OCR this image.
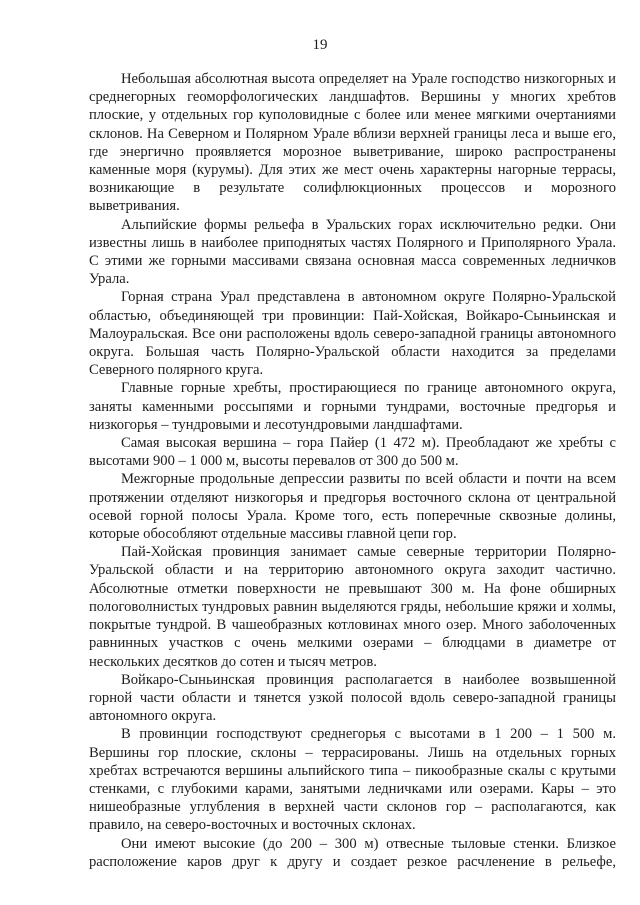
19

Небольшая абсолютная высота определяет на Урале господство низкогорных и среднегорных геоморфологических ландшафтов. Вершины у многих хребтов плоские, у отдельных гор куполовидные с более или менее мягкими очертаниями склонов. На Северном и Полярном Урале вблизи верхней границы леса и выше его, где энергично проявляется морозное выветривание, широко распространены каменные моря (курумы). Для этих же мест очень характерны нагорные террасы, возникающие в результате солифлюкционных процессов и морозного выветривания.

Альпийские формы рельефа в Уральских горах исключительно редки. Они известны лишь в наиболее приподнятых частях Полярного и Приполярного Урала. С этими же горными массивами связана основная масса современных ледничков Урала.

Горная страна Урал представлена в автономном округе Полярно-Уральской областью, объединяющей три провинции: Пай-Хойская, Войкаро-Сыньинская и Малоуральская. Все они расположены вдоль северо-западной границы автономного округа. Большая часть Полярно-Уральской области находится за пределами Северного полярного круга.

Главные горные хребты, простирающиеся по границе автономного округа, заняты каменными россыпями и горными тундрами, восточные предгорья и низкогорья – тундровыми и лесотундровыми ландшафтами.

Самая высокая вершина – гора Пайер (1 472 м). Преобладают же хребты с высотами 900 – 1 000 м, высоты перевалов от 300 до 500 м.

Межгорные продольные депрессии развиты по всей области и почти на всем протяжении отделяют низкогорья и предгорья восточного склона от центральной осевой горной полосы Урала. Кроме того, есть поперечные сквозные долины, которые обособляют отдельные массивы главной цепи гор.

Пай-Хойская провинция занимает самые северные территории Полярно-Уральской области и на территорию автономного округа заходит частично. Абсолютные отметки поверхности не превышают 300 м. На фоне обширных пологоволнистых тундровых равнин выделяются гряды, небольшие кряжи и холмы, покрытые тундрой. В чашеобразных котловинах много озер. Много заболоченных равнинных участков с очень мелкими озерами – блюдцами в диаметре от нескольких десятков до сотен и тысяч метров.

Войкаро-Сыньинская провинция располагается в наиболее возвышенной горной части области и тянется узкой полосой вдоль северо-западной границы автономного округа.

В провинции господствуют среднегорья с высотами в 1 200 – 1 500 м. Вершины гор плоские, склоны – террасированы. Лишь на отдельных горных хребтах встречаются вершины альпийского типа – пикообразные скалы с крутыми стенками, с глубокими карами, занятыми ледничками или озерами. Кары – это нишеобразные углубления в верхней части склонов гор – располагаются, как правило, на северо-восточных и восточных склонах.

Они имеют высокие (до 200 – 300 м) отвесные тыловые стенки. Близкое расположение каров друг к другу и создает резкое расчленение в рельефе,
